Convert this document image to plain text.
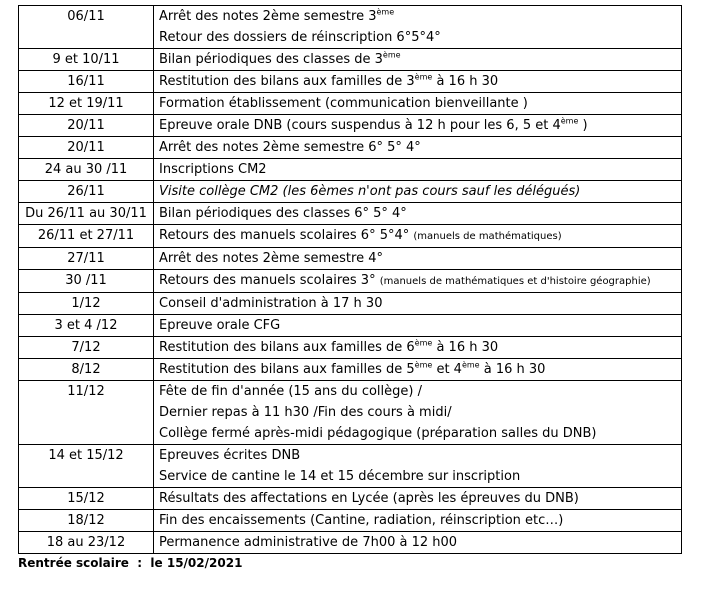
06/11	Arrêt des notes 2ème semestre 3ème
Retour des dossiers de réinscription 6°5°4°

9 et 10/11	Bilan périodiques des classes de 3ème

16/11	Restitution des bilans aux familles de 3ème à 16 h 30

12 et 19/11	Formation établissement (communication bienveillante )

20/11	Epreuve orale DNB (cours suspendus à 12 h pour les 6, 5 et 4ème )

20/11	Arrêt des notes 2ème semestre 6° 5° 4°

24 au 30 /11	Inscriptions CM2

26/11	Visite collège CM2 (les 6èmes n'ont pas cours sauf les délégués)

Du 26/11 au 30/11	Bilan périodiques des classes 6° 5° 4°

26/11 et 27/11	Retours des manuels scolaires 6° 5°4° (manuels de mathématiques)

27/11	Arrêt des notes 2ème semestre 4°

30 /11	Retours des manuels scolaires 3° (manuels de mathématiques et d'histoire géographie)

1/12	Conseil d'administration à 17 h 30

3 et 4 /12	Epreuve orale CFG

7/12	Restitution des bilans aux familles de 6ème à 16 h 30

8/12	Restitution des bilans aux familles de 5ème et 4ème à 16 h 30

11/12	Fête de fin d'année (15 ans du collège) /
Dernier repas à 11 h30 /Fin des cours à midi/
Collège fermé après-midi pédagogique (préparation salles du DNB)

14 et 15/12	Epreuves écrites DNB
Service de cantine le 14 et 15 décembre sur inscription

15/12	Résultats des affectations en Lycée (après les épreuves du DNB)

18/12	Fin des encaissements (Cantine, radiation, réinscription etc…)

18 au 23/12	Permanence administrative de 7h00 à 12 h00
Rentrée scolaire  :  le 15/02/2021
